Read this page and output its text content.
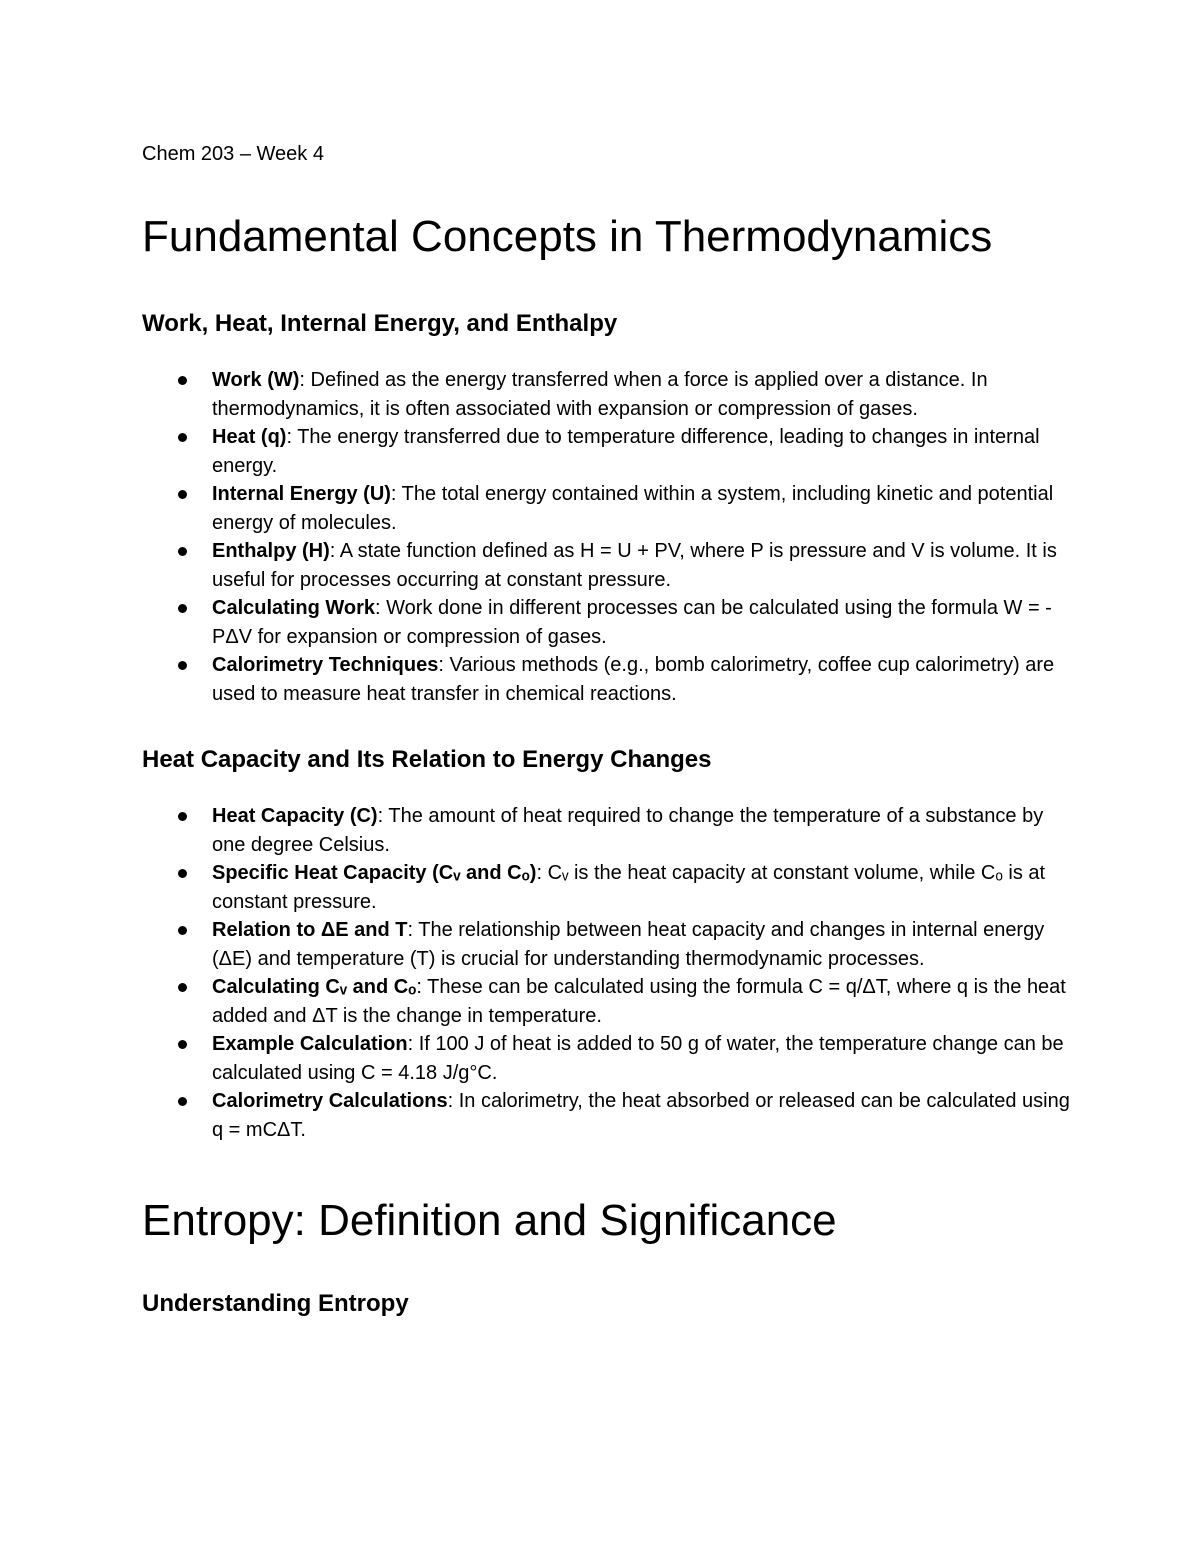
Chem 203 – Week 4

Fundamental Concepts in Thermodynamics
Work, Heat, Internal Energy, and Enthalpy
Work (W): Defined as the energy transferred when a force is applied over a distance. In thermodynamics, it is often associated with expansion or compression of gases.
Heat (q): The energy transferred due to temperature difference, leading to changes in internal energy.
Internal Energy (U): The total energy contained within a system, including kinetic and potential energy of molecules.
Enthalpy (H): A state function defined as H = U + PV, where P is pressure and V is volume. It is useful for processes occurring at constant pressure.
Calculating Work: Work done in different processes can be calculated using the formula W = -PΔV for expansion or compression of gases.
Calorimetry Techniques: Various methods (e.g., bomb calorimetry, coffee cup calorimetry) are used to measure heat transfer in chemical reactions.
Heat Capacity and Its Relation to Energy Changes
Heat Capacity (C): The amount of heat required to change the temperature of a substance by one degree Celsius.
Specific Heat Capacity (Cᵥ and Cₒ): Cᵥ is the heat capacity at constant volume, while Cₒ is at constant pressure.
Relation to ΔE and T: The relationship between heat capacity and changes in internal energy (ΔE) and temperature (T) is crucial for understanding thermodynamic processes.
Calculating Cᵥ and Cₒ: These can be calculated using the formula C = q/ΔT, where q is the heat added and ΔT is the change in temperature.
Example Calculation: If 100 J of heat is added to 50 g of water, the temperature change can be calculated using C = 4.18 J/g°C.
Calorimetry Calculations: In calorimetry, the heat absorbed or released can be calculated using q = mCΔT.
Entropy: Definition and Significance
Understanding Entropy
